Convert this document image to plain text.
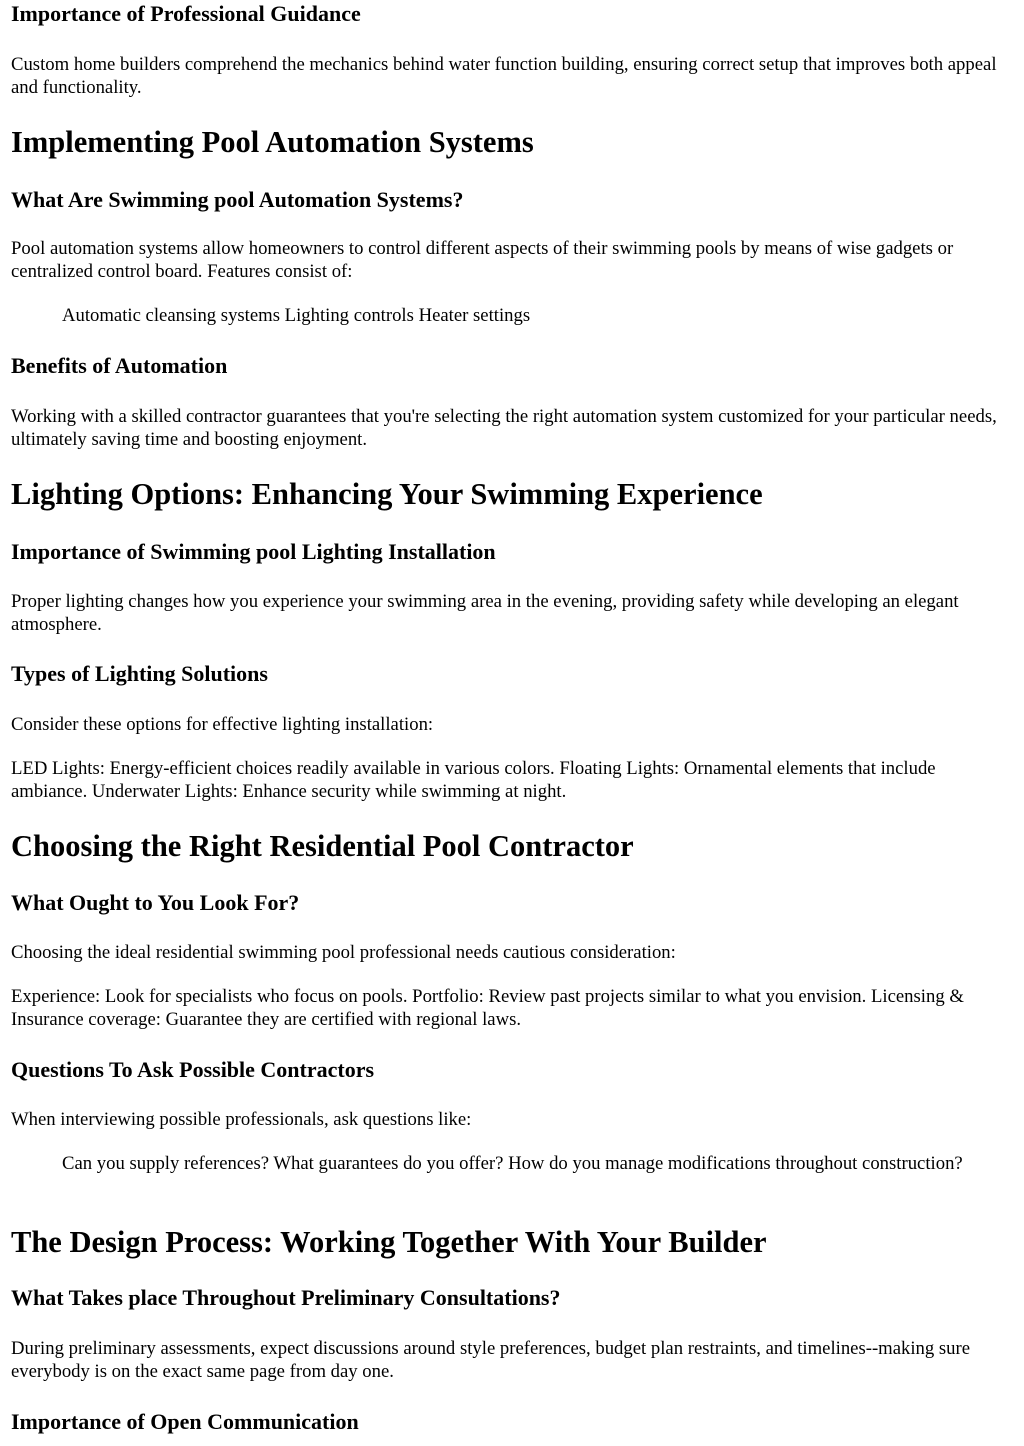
Importance of Professional Guidance

Custom home builders comprehend the mechanics behind water function building, ensuring correct setup that improves both appeal and functionality.

Implementing Pool Automation Systems
What Are Swimming pool Automation Systems?

Pool automation systems allow homeowners to control different aspects of their swimming pools by means of wise gadgets or centralized control board. Features consist of:

Automatic cleansing systems Lighting controls Heater settings
Benefits of Automation

Working with a skilled contractor guarantees that you're selecting the right automation system customized for your particular needs, ultimately saving time and boosting enjoyment.

Lighting Options: Enhancing Your Swimming Experience
Importance of Swimming pool Lighting Installation

Proper lighting changes how you experience your swimming area in the evening, providing safety while developing an elegant atmosphere.

Types of Lighting Solutions

Consider these options for effective lighting installation:

LED Lights: Energy-efficient choices readily available in various colors. Floating Lights: Ornamental elements that include ambiance. Underwater Lights: Enhance security while swimming at night.

Choosing the Right Residential Pool Contractor
What Ought to You Look For?

Choosing the ideal residential swimming pool professional needs cautious consideration:

Experience: Look for specialists who focus on pools. Portfolio: Review past projects similar to what you envision. Licensing & Insurance coverage: Guarantee they are certified with regional laws.

Questions To Ask Possible Contractors

When interviewing possible professionals, ask questions like:

Can you supply references? What guarantees do you offer? How do you manage modifications throughout construction?
The Design Process: Working Together With Your Builder
What Takes place Throughout Preliminary Consultations?

During preliminary assessments, expect discussions around style preferences, budget plan restraints, and timelines--making sure everybody is on the exact same page from day one.

Importance of Open Communication
